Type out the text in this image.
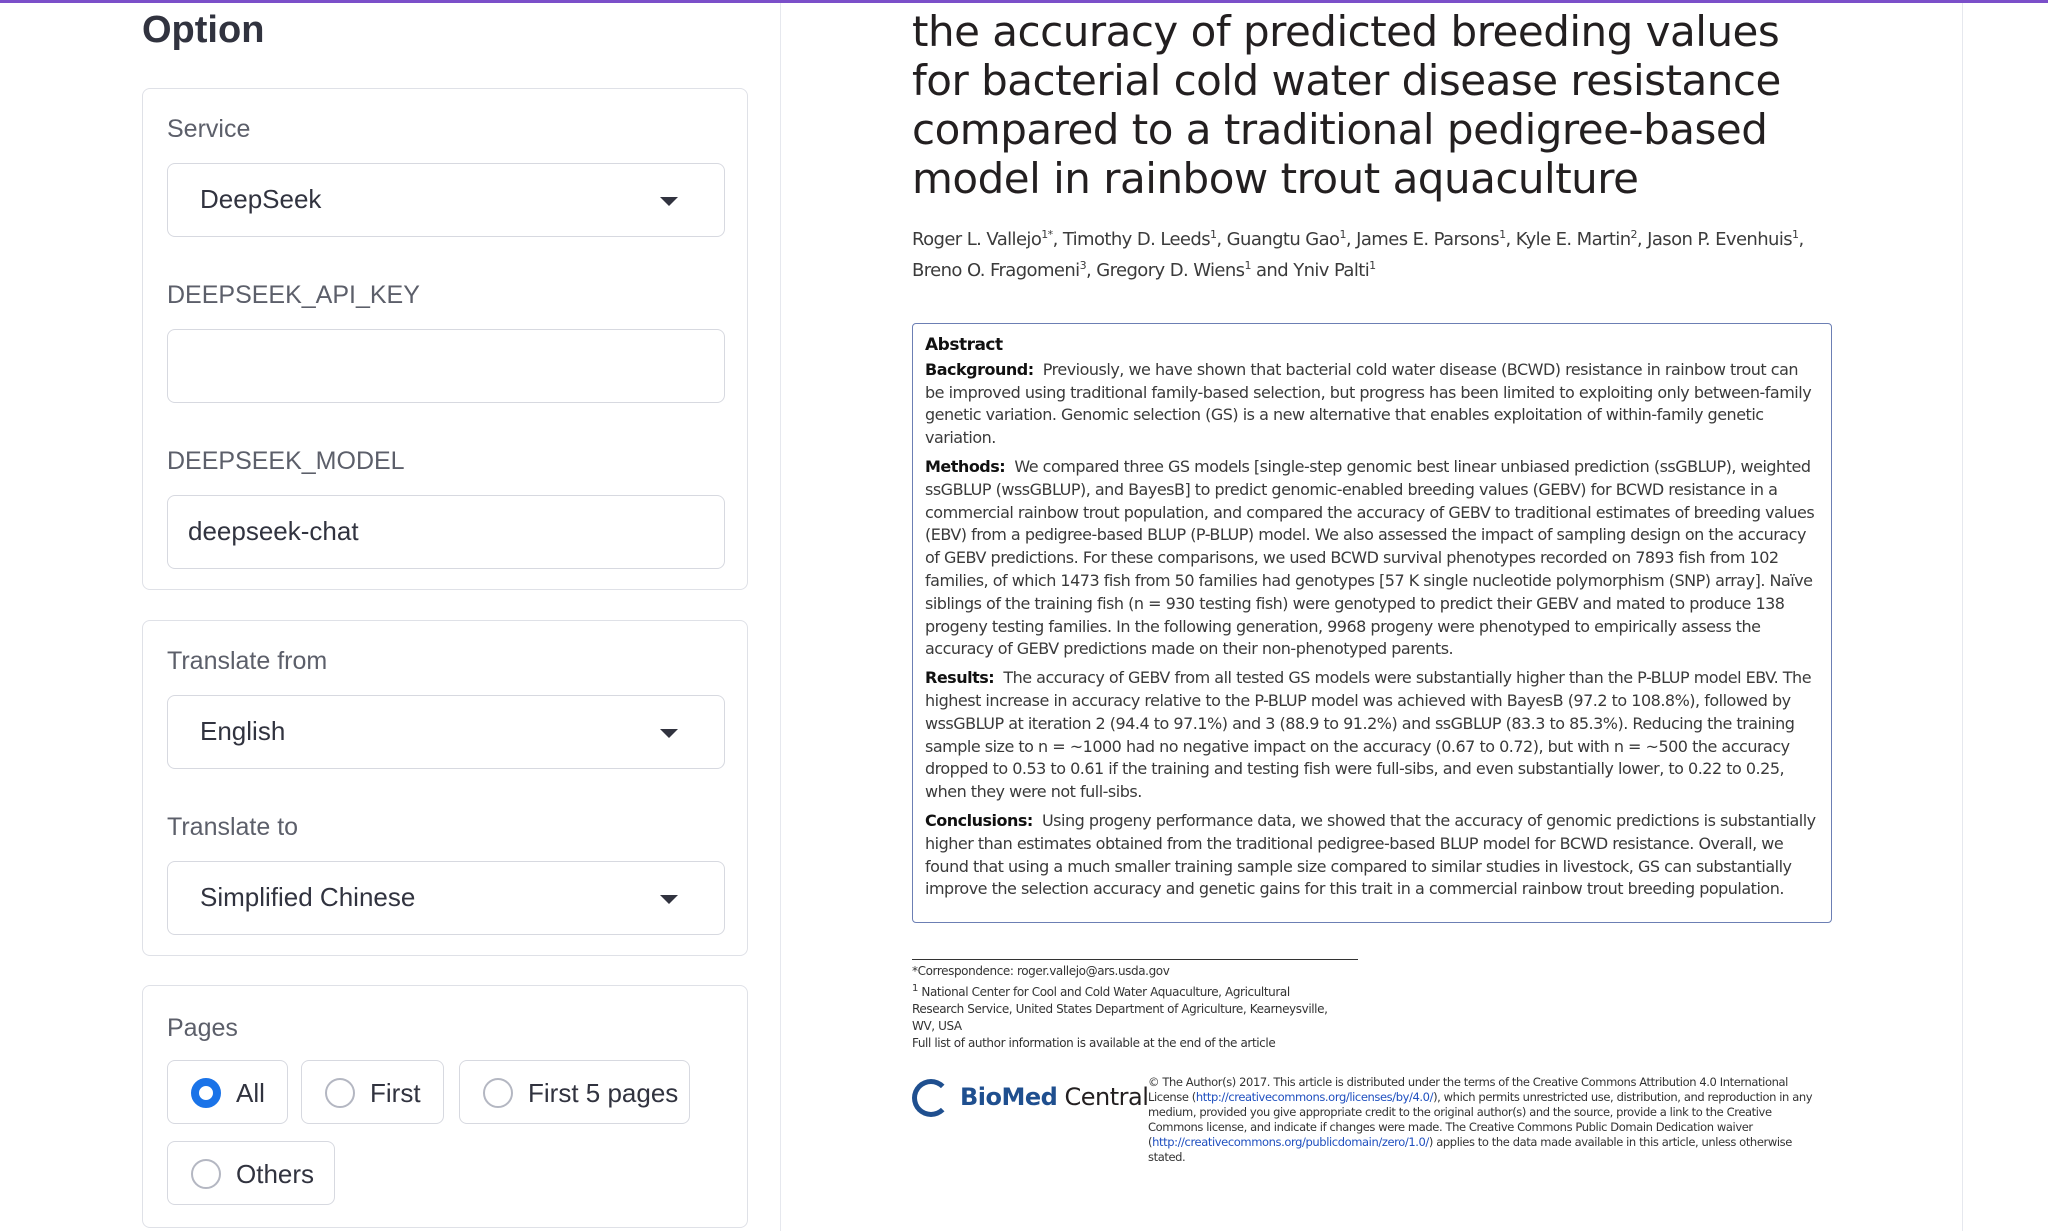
Option
Service
DeepSeek
DEEPSEEK_API_KEY
DEEPSEEK_MODEL
deepseek-chat
Translate from
English
Translate to
Simplified Chinese
Pages
All	First	First 5 pages
Others
the accuracy of predicted breeding values for bacterial cold water disease resistance compared to a traditional pedigree-based model in rainbow trout aquaculture
Roger L. Vallejo$^{1*}$, Timothy D. Leeds$^1$, Guangtu Gao$^1$, James E. Parsons$^1$, Kyle E. Martin$^2$, Jason P. Evenhuis$^1$,
Breno O. Fragomeni$^3$, Gregory D. Wiens$^1$ and Yniv Palti$^1$
Abstract

Background: Previously, we have shown that bacterial cold water disease (BCWD) resistance in rainbow trout can be improved using traditional family-based selection, but progress has been limited to exploiting only between-family genetic variation. Genomic selection (GS) is a new alternative that enables exploitation of within-family genetic variation.

Methods: We compared three GS models [single-step genomic best linear unbiased prediction (ssGBLUP), weighted ssGBLUP (wssGBLUP), and BayesB] to predict genomic-enabled breeding values (GEBV) for BCWD resistance in a commercial rainbow trout population, and compared the accuracy of GEBV to traditional estimates of breeding values (EBV) from a pedigree-based BLUP (P-BLUP) model. We also assessed the impact of sampling design on the accuracy of GEBV predictions. For these comparisons, we used BCWD survival phenotypes recorded on 7893 fish from 102 families, of which 1473 fish from 50 families had genotypes [57 K single nucleotide polymorphism (SNP) array]. Naïve siblings of the training fish (n = 930 testing fish) were genotyped to predict their GEBV and mated to produce 138 progeny testing families. In the following generation, 9968 progeny were phenotyped to empirically assess the accuracy of GEBV predictions made on their non-phenotyped parents.

Results: The accuracy of GEBV from all tested GS models were substantially higher than the P-BLUP model EBV. The highest increase in accuracy relative to the P-BLUP model was achieved with BayesB (97.2 to 108.8%), followed by wssGBLUP at iteration 2 (94.4 to 97.1%) and 3 (88.9 to 91.2%) and ssGBLUP (83.3 to 85.3%). Reducing the training sample size to n = ~1000 had no negative impact on the accuracy (0.67 to 0.72), but with n = ~500 the accuracy dropped to 0.53 to 0.61 if the training and testing fish were full-sibs, and even substantially lower, to 0.22 to 0.25, when they were not full-sibs.

Conclusions: Using progeny performance data, we showed that the accuracy of genomic predictions is substantially higher than estimates obtained from the traditional pedigree-based BLUP model for BCWD resistance. Overall, we found that using a much smaller training sample size compared to similar studies in livestock, GS can substantially improve the selection accuracy and genetic gains for this trait in a commercial rainbow trout breeding population.

*Correspondence: roger.vallejo@ars.usda.gov

$^1$ National Center for Cool and Cold Water Aquaculture, Agricultural Research Service, United States Department of Agriculture, Kearneysville, WV, USA

Full list of author information is available at the end of the article

BioMed Central
© The Author(s) 2017. This article is distributed under the terms of the Creative Commons Attribution 4.0 International License (http://creativecommons.org/licenses/by/4.0/), which permits unrestricted use, distribution, and reproduction in any medium, provided you give appropriate credit to the original author(s) and the source, provide a link to the Creative Commons license, and indicate if changes were made. The Creative Commons Public Domain Dedication waiver (http://creativecommons.org/publicdomain/zero/1.0/) applies to the data made available in this article, unless otherwise stated.
